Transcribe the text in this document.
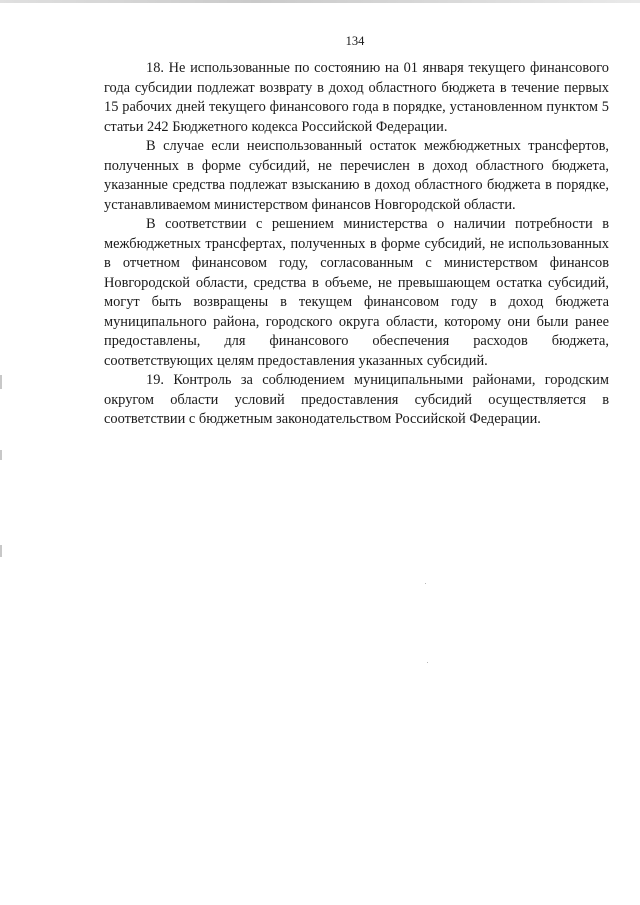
134

18. Не использованные по состоянию на 01 января текущего финансового года субсидии подлежат возврату в доход областного бюджета в течение первых 15 рабочих дней текущего финансового года в порядке, установленном пунктом 5 статьи 242 Бюджетного кодекса Российской Федерации.

В случае если неиспользованный остаток межбюджетных трансфертов, полученных в форме субсидий, не перечислен в доход областного бюджета, указанные средства подлежат взысканию в доход областного бюджета в порядке, устанавливаемом министерством финансов Новгородской области.

В соответствии с решением министерства о наличии потребности в межбюджетных трансфертах, полученных в форме субсидий, не использованных в отчетном финансовом году, согласованным с министерством финансов Новгородской области, средства в объеме, не превышающем остатка субсидий, могут быть возвращены в текущем финансовом году в доход бюджета муниципального района, городского округа области, которому они были ранее предоставлены, для финансового обеспечения расходов бюджета, соответствующих целям предоставления указанных субсидий.

19. Контроль за соблюдением муниципальными районами, городским округом области условий предоставления субсидий осуществляется в соответствии с бюджетным законодательством Российской Федерации.
